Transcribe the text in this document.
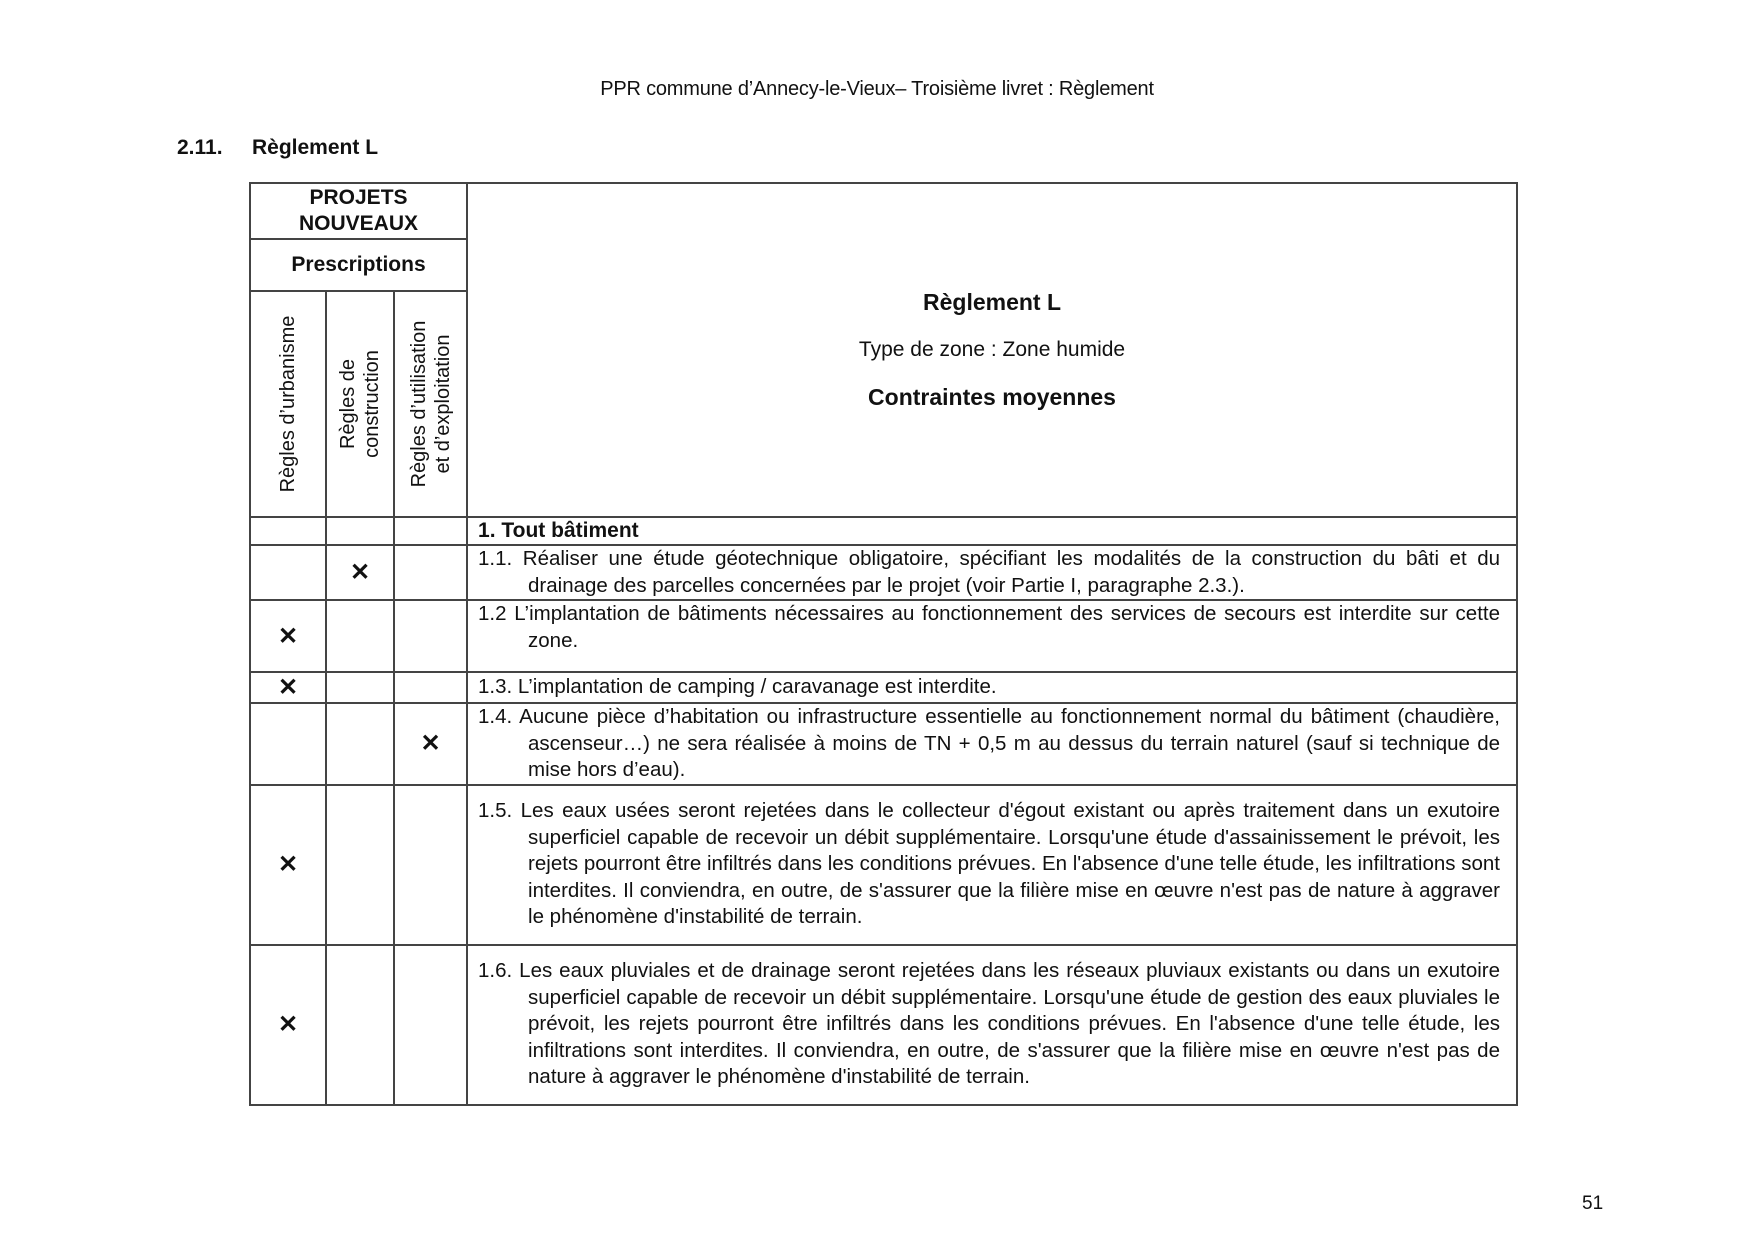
PPR commune d’Annecy-le-Vieux– Troisième livret : Règlement
2.11. Règlement L
PROJETS NOUVEAUX			Règlement L
Type de zone : Zone humide
Contraintes moyennes

Prescriptions			

Règles d’urbanisme	Règles de construction	Règles d’utilisation et d’exploitation

			1. Tout bâtiment
	✕		1.1. Réaliser une étude géotechnique obligatoire, spécifiant les modalités de la construction du bâti et du drainage des parcelles concernées par le projet (voir Partie I, paragraphe 2.3.).

✕			1.2 L’implantation de bâtiments nécessaires au fonctionnement des services de secours est interdite sur cette zone.

✕			1.3. L’implantation de camping / caravanage est interdite.

		✕	1.4. Aucune pièce d’habitation ou infrastructure essentielle au fonctionnement normal du bâtiment (chaudière, ascenseur…) ne sera réalisée à moins de TN + 0,5 m au dessus du terrain naturel (sauf si technique de mise hors d’eau).

✕			1.5. Les eaux usées seront rejetées dans le collecteur d'égout existant ou après traitement dans un exutoire superficiel capable de recevoir un débit supplémentaire. Lorsqu'une étude d'assainissement le prévoit, les rejets pourront être infiltrés dans les conditions prévues. En l'absence d'une telle étude, les infiltrations sont interdites. Il conviendra, en outre, de s'assurer que la filière mise en œuvre n'est pas de nature à aggraver le phénomène d'instabilité de terrain.

✕			1.6. Les eaux pluviales et de drainage seront rejetées dans les réseaux pluviaux existants ou dans un exutoire superficiel capable de recevoir un débit supplémentaire. Lorsqu'une étude de gestion des eaux pluviales le prévoit, les rejets pourront être infiltrés dans les conditions prévues. En l'absence d'une telle étude, les infiltrations sont interdites. Il conviendra, en outre, de s'assurer que la filière mise en œuvre n'est pas de nature à aggraver le phénomène d'instabilité de terrain.

51
